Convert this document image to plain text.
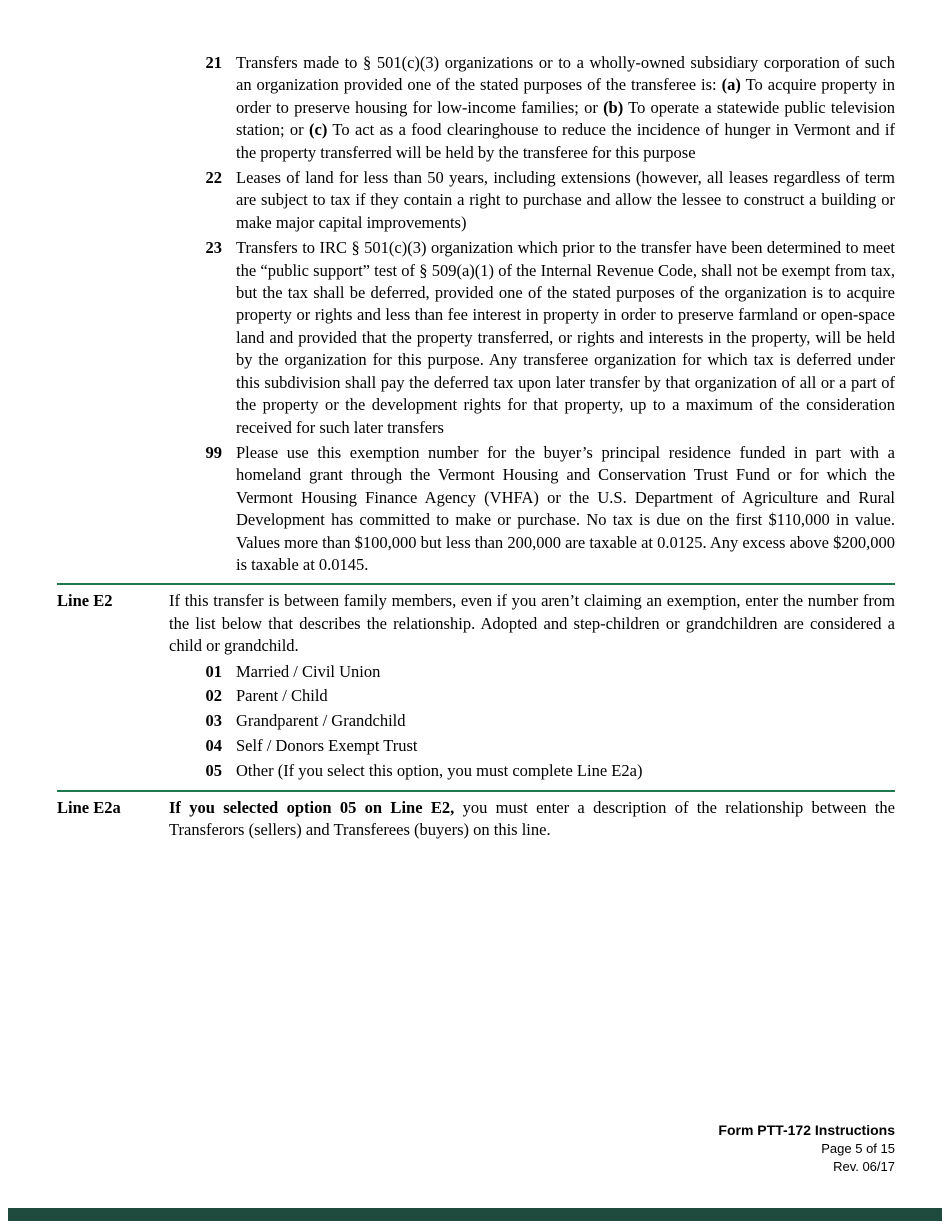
21 Transfers made to § 501(c)(3) organizations or to a wholly-owned subsidiary corporation of such an organization provided one of the stated purposes of the transferee is: (a) To acquire property in order to preserve housing for low-income families; or (b) To operate a statewide public television station; or (c) To act as a food clearinghouse to reduce the incidence of hunger in Vermont and if the property transferred will be held by the transferee for this purpose
22 Leases of land for less than 50 years, including extensions (however, all leases regardless of term are subject to tax if they contain a right to purchase and allow the lessee to construct a building or make major capital improvements)
23 Transfers to IRC § 501(c)(3) organization which prior to the transfer have been determined to meet the “public support” test of § 509(a)(1) of the Internal Revenue Code, shall not be exempt from tax, but the tax shall be deferred, provided one of the stated purposes of the organization is to acquire property or rights and less than fee interest in property in order to preserve farmland or open-space land and provided that the property transferred, or rights and interests in the property, will be held by the organization for this purpose. Any transferee organization for which tax is deferred under this subdivision shall pay the deferred tax upon later transfer by that organization of all or a part of the property or the development rights for that property, up to a maximum of the consideration received for such later transfers
99 Please use this exemption number for the buyer’s principal residence funded in part with a homeland grant through the Vermont Housing and Conservation Trust Fund or for which the Vermont Housing Finance Agency (VHFA) or the U.S. Department of Agriculture and Rural Development has committed to make or purchase. No tax is due on the first $110,000 in value. Values more than $100,000 but less than 200,000 are taxable at 0.0125. Any excess above $200,000 is taxable at 0.0145.
Line E2	If this transfer is between family members, even if you aren’t claiming an exemption, enter the number from the list below that describes the relationship. Adopted and step-children or grandchildren are considered a child or grandchild.

01 Married / Civil Union
02 Parent / Child
03 Grandparent / Grandchild
04 Self / Donors Exempt Trust
05 Other (If you select this option, you must complete Line E2a)
Line E2a	If you selected option 05 on Line E2, you must enter a description of the relationship between the Transferors (sellers) and Transferees (buyers) on this line.

Form PTT-172 Instructions
Page 5 of 15
Rev. 06/17
